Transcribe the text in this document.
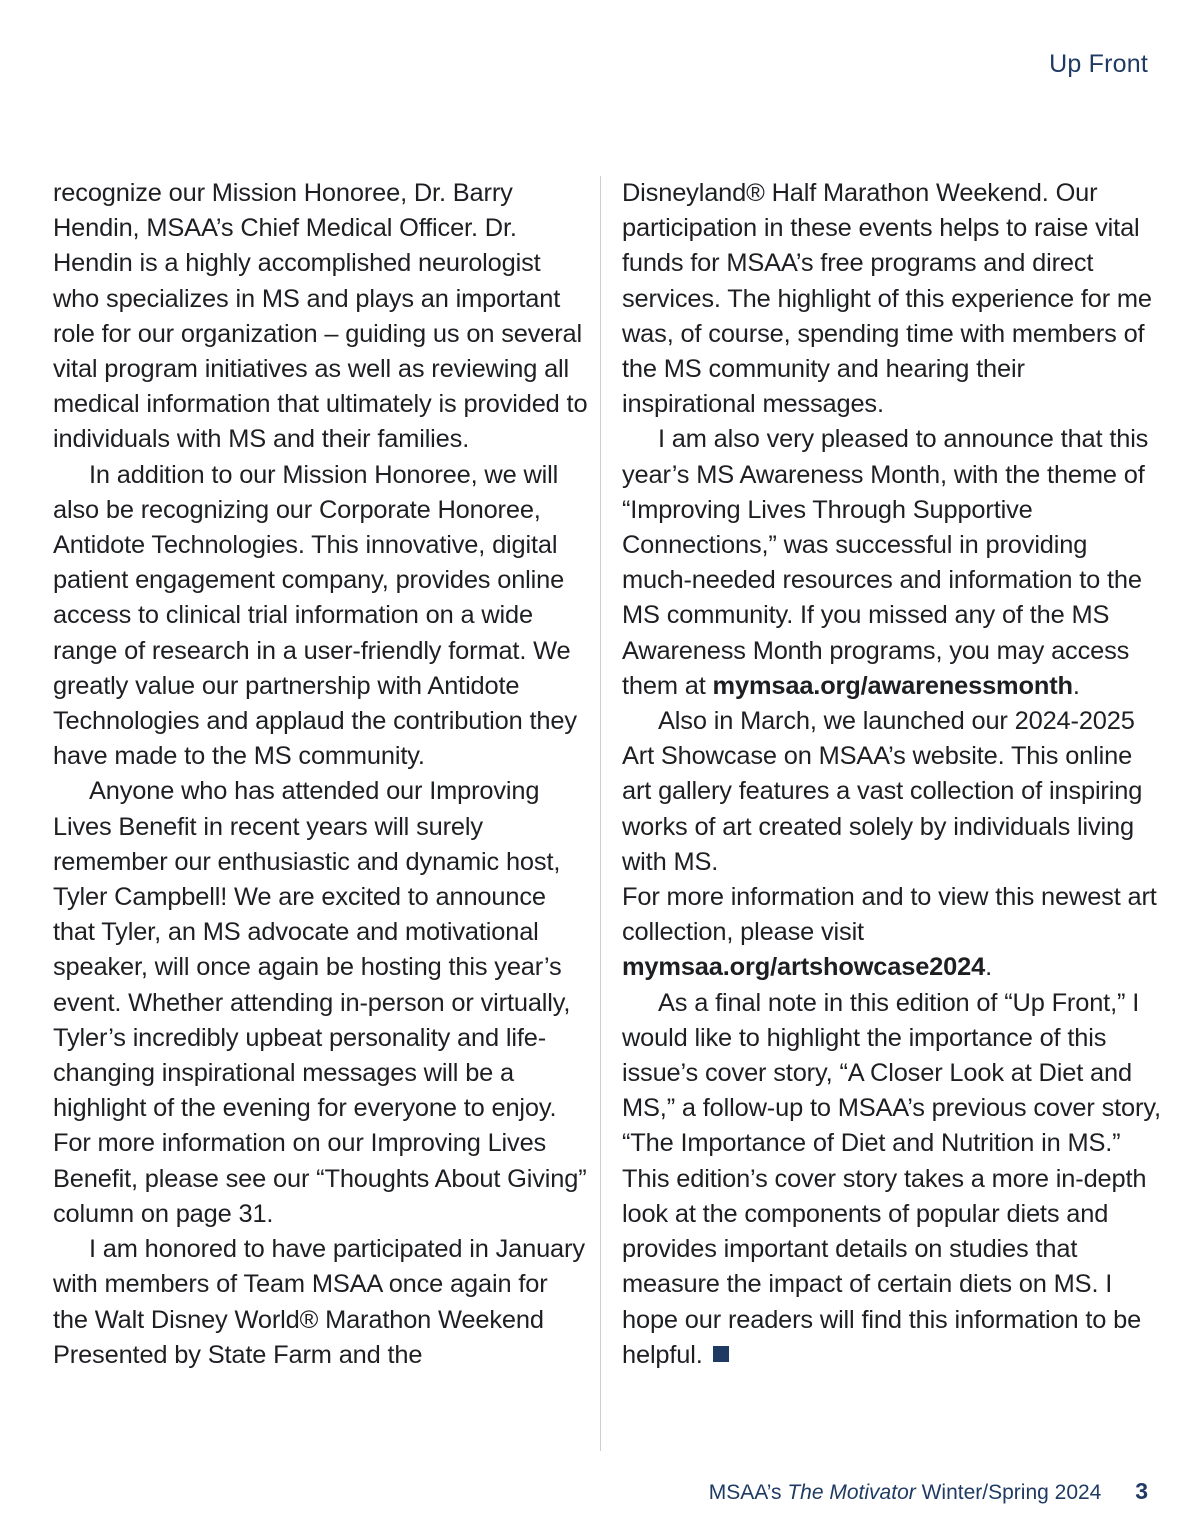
Up Front

recognize our Mission Honoree, Dr. Barry Hendin, MSAA’s Chief Medical Officer. Dr. Hendin is a highly accomplished neurologist who specializes in MS and plays an important role for our organization – guiding us on several vital program initiatives as well as reviewing all medical information that ultimately is provided to individuals with MS and their families.

In addition to our Mission Honoree, we will also be recognizing our Corporate Honoree, Antidote Technologies. This innovative, digital patient engagement company, provides online access to clinical trial information on a wide range of research in a user-friendly format. We greatly value our partnership with Antidote Technologies and applaud the contribution they have made to the MS community.

Anyone who has attended our Improving Lives Benefit in recent years will surely remember our enthusiastic and dynamic host, Tyler Campbell! We are excited to announce that Tyler, an MS advocate and motivational speaker, will once again be hosting this year’s event. Whether attending in-person or virtually, Tyler’s incredibly upbeat personality and life-changing inspirational messages will be a highlight of the evening for everyone to enjoy. For more information on our Improving Lives Benefit, please see our “Thoughts About Giving” column on page 31.

I am honored to have participated in January with members of Team MSAA once again for the Walt Disney World® Marathon Weekend Presented by State Farm and the

Disneyland® Half Marathon Weekend. Our participation in these events helps to raise vital funds for MSAA’s free programs and direct services. The highlight of this experience for me was, of course, spending time with members of the MS community and hearing their inspirational messages.

I am also very pleased to announce that this year’s MS Awareness Month, with the theme of “Improving Lives Through Supportive Connections,” was successful in providing much-needed resources and information to the MS community. If you missed any of the MS Awareness Month programs, you may access them at mymsaa.org/awarenessmonth.

Also in March, we launched our 2024-2025 Art Showcase on MSAA’s website. This online art gallery features a vast collection of inspiring works of art created solely by individuals living with MS.

For more information and to view this newest art collection, please visit mymsaa.org/artshowcase2024.

As a final note in this edition of “Up Front,” I would like to highlight the importance of this issue’s cover story, “A Closer Look at Diet and MS,” a follow-up to MSAA’s previous cover story, “The Importance of Diet and Nutrition in MS.” This edition’s cover story takes a more in-depth look at the components of popular diets and provides important details on studies that measure the impact of certain diets on MS. I hope our readers will find this information to be helpful.

MSAA’s The Motivator Winter/Spring 2024 3
